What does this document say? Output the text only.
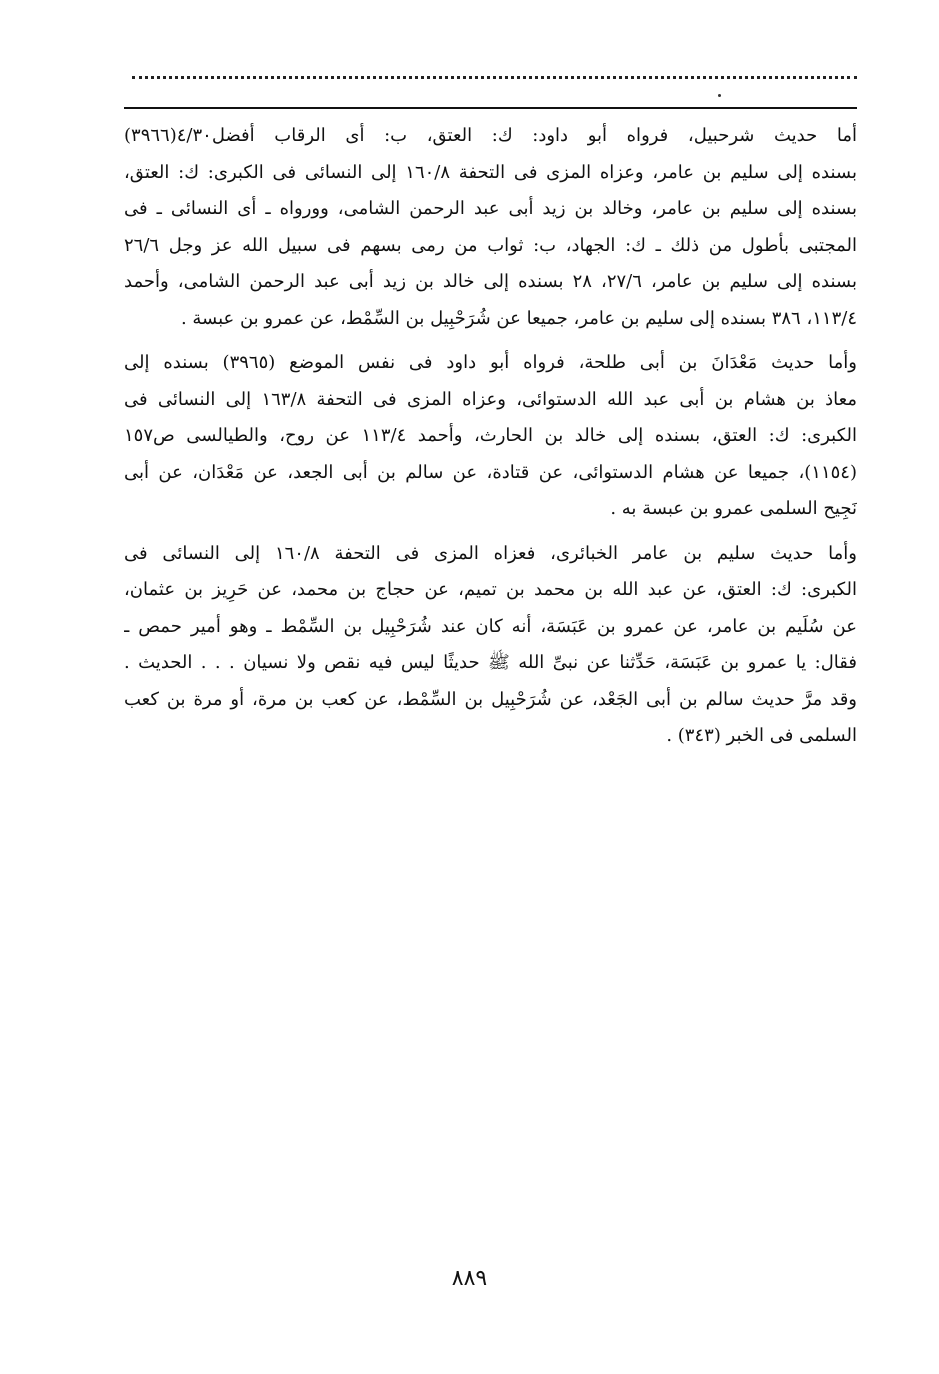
أما حديث شرحبيل، فرواه أبو داود: ك: العتق، ب: أى الرقاب أفضل٤/٣٠(٣٩٦٦)
بسنده إلى سليم بن عامر، وعزاه المزى فى التحفة ١٦٠/٨ إلى النسائى فى الكبرى: ك: العتق،
بسنده إلى سليم بن عامر، وخالد بن زيد أبى عبد الرحمن الشامى، وورواه ـ أى النسائى ـ فى
المجتبى بأطول من ذلك ـ ك: الجهاد، ب: ثواب من رمى بسهم فى سبيل الله عز وجل ٢٦/٦
بسنده إلى سليم بن عامر، ٢٧/٦، ٢٨ بسنده إلى خالد بن زيد أبى عبد الرحمن الشامى، وأحمد
١١٣/٤، ٣٨٦ بسنده إلى سليم بن عامر، جميعا عن شُرَحْبِيل بن السِّمْط، عن عمرو بن عبسة .

وأما حديث مَعْدَانَ بن أبى طلحة، فرواه أبو داود فى نفس الموضع (٣٩٦٥) بسنده إلى
معاذ بن هشام بن أبى عبد الله الدستوائى، وعزاه المزى فى التحفة ١٦٣/٨ إلى النسائى فى
الكبرى: ك: العتق، بسنده إلى خالد بن الحارث، وأحمد ١١٣/٤ عن روح، والطيالسى ص١٥٧
(١١٥٤)، جميعا عن هشام الدستوائى، عن قتادة، عن سالم بن أبى الجعد، عن مَعْدَان، عن أبى
نَجِيح السلمى عمرو بن عبسة به .

وأما حديث سليم بن عامر الخبائرى، فعزاه المزى فى التحفة ١٦٠/٨ إلى النسائى فى
الكبرى: ك: العتق، عن عبد الله بن محمد بن تميم، عن حجاج بن محمد، عن حَرِيز بن عثمان،
عن سُلَيم بن عامر، عن عمرو بن عَبَسَة، أنه كان عند شُرَحْبِيل بن السِّمْط ـ وهو أمير حمص ـ
فقال: يا عمرو بن عَبَسَة، حَدِّثنا عن نبىِّ الله ﷺ حديثًا ليس فيه نقص ولا نسيان . . . الحديث .
وقد مرَّ حديث سالم بن أبى الجَعْد، عن شُرَحْبِيل بن السِّمْط، عن كعب بن مرة، أو مرة بن كعب
السلمى فى الخبر (٣٤٣) .

٨٨٩
